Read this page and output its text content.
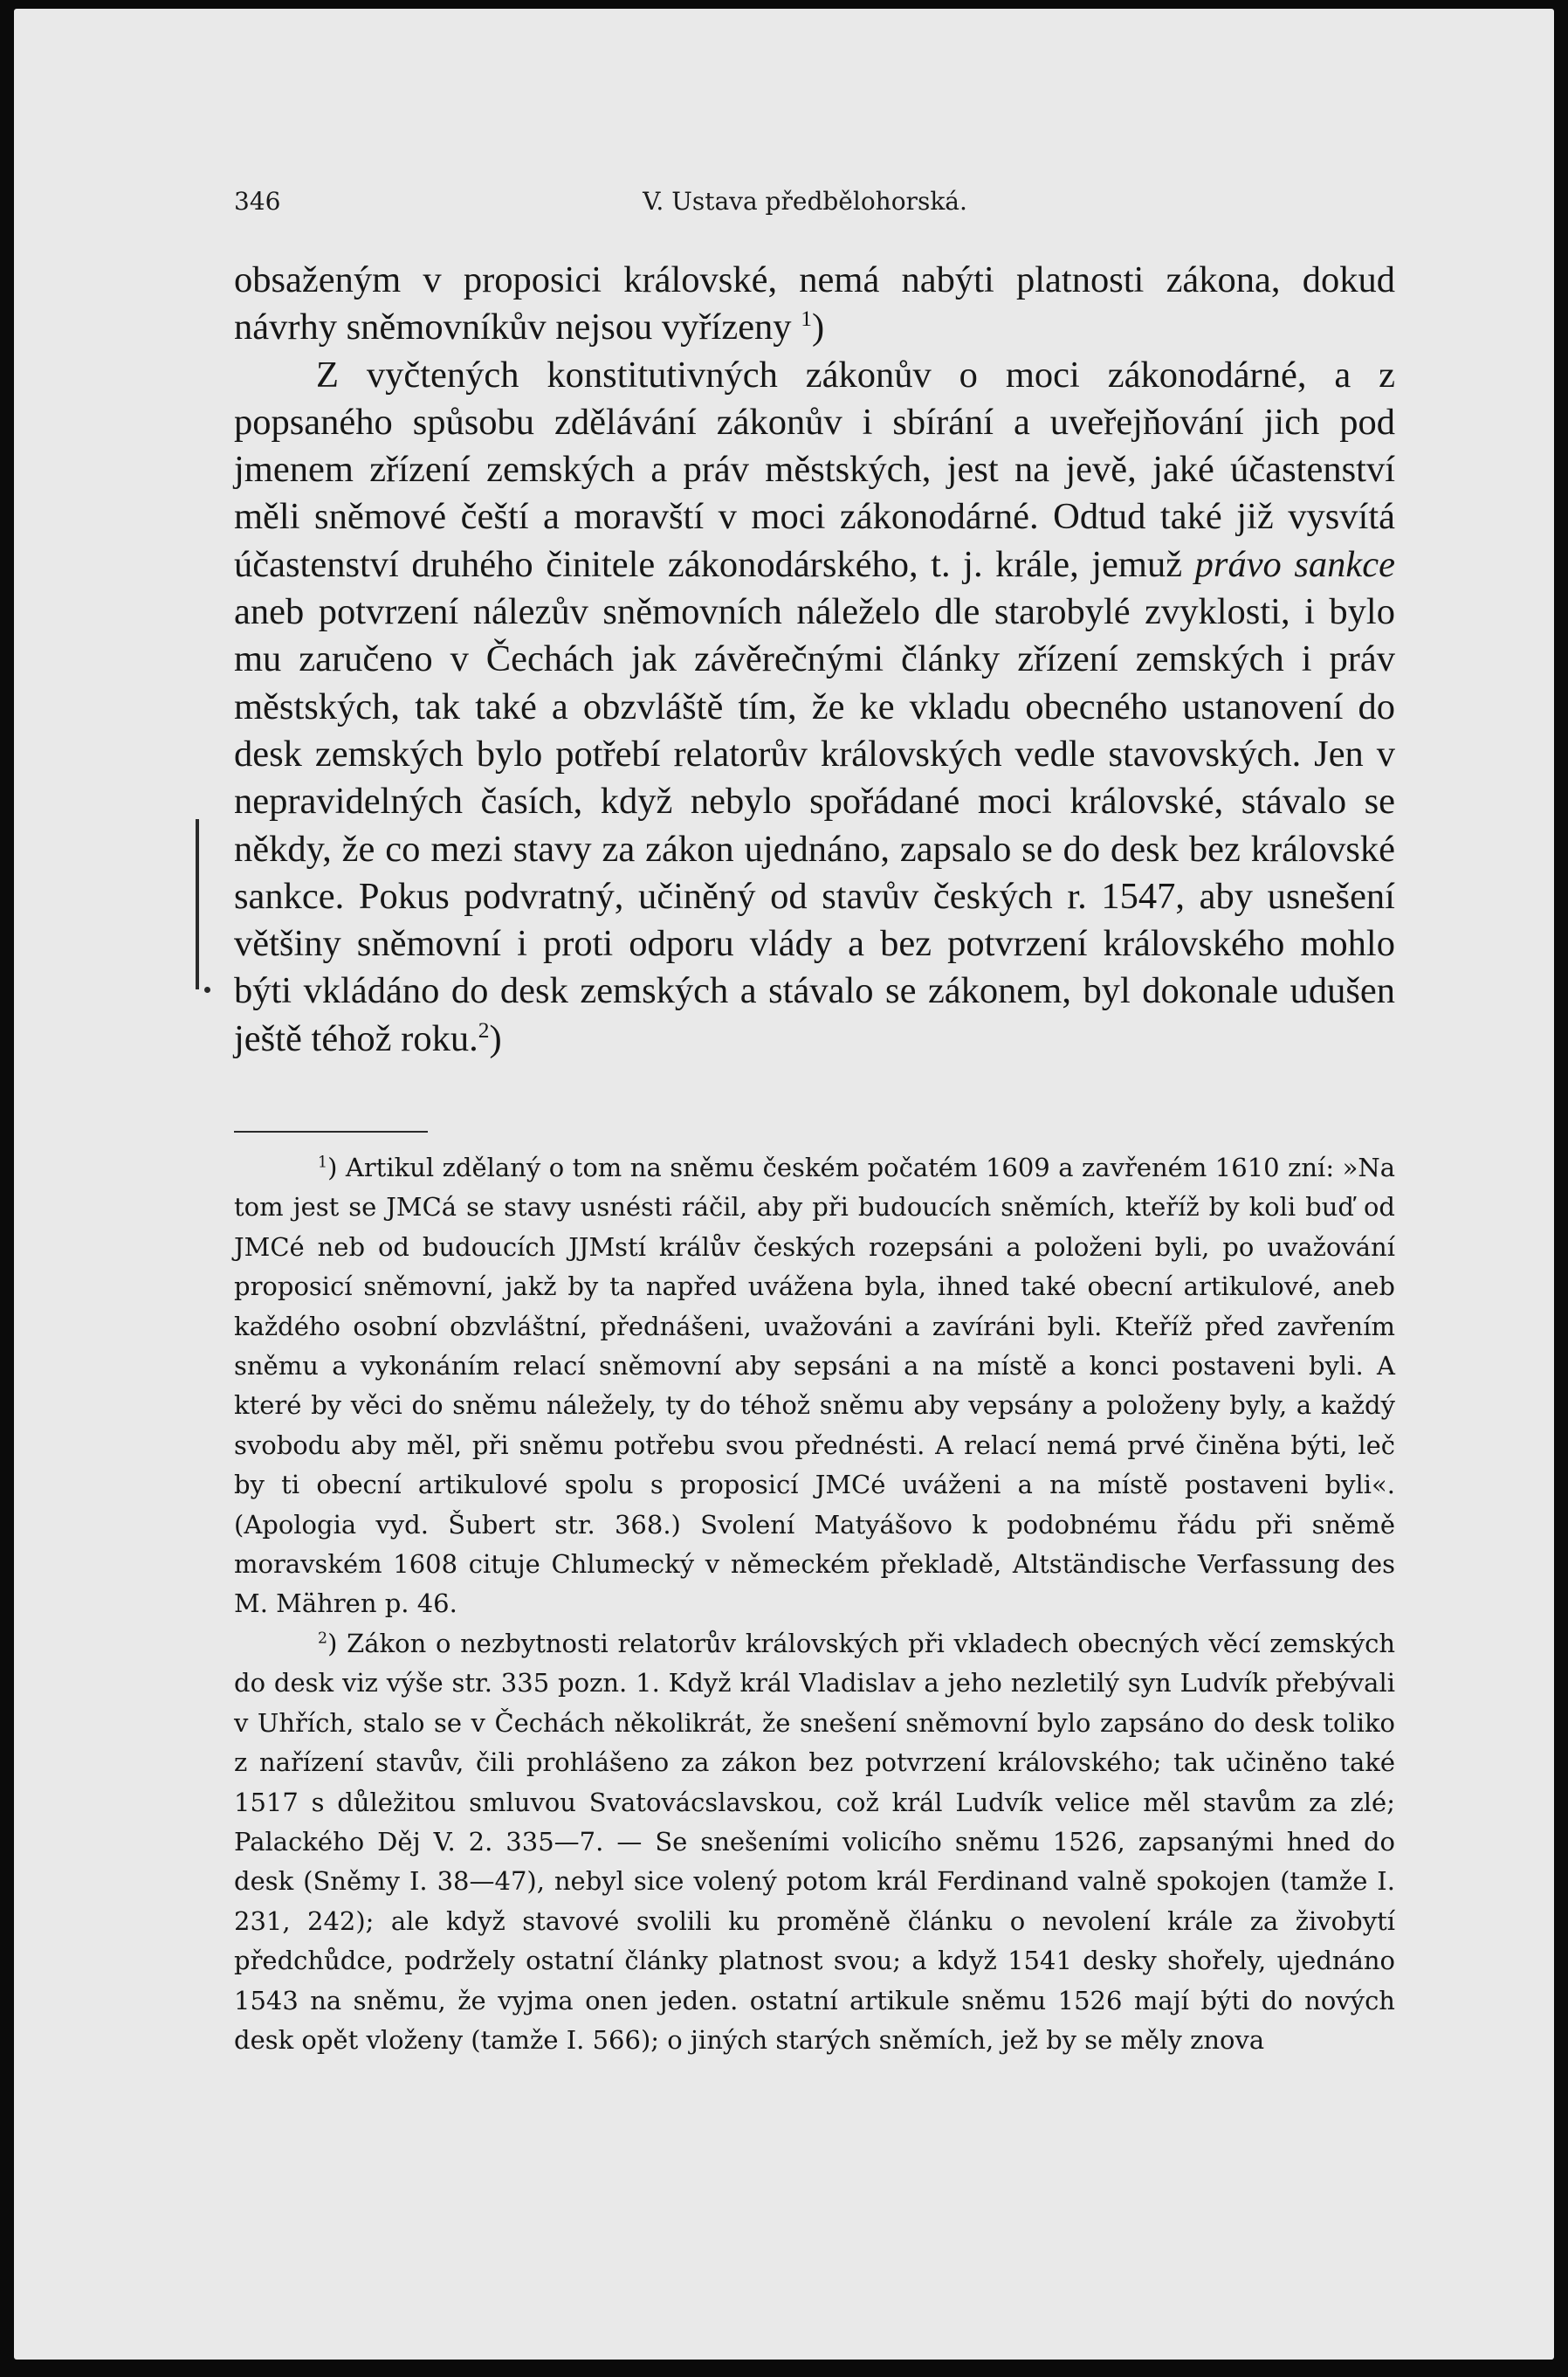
346	V. Ustava předbělohorská.

obsaženým v proposici královské, nemá nabýti platnosti zákona, dokud návrhy sněmovníkův nejsou vyřízeny $^1$)

Z vyčtených konstitutivných zákonův o moci zákonodárné, a z popsaného spůsobu zdělávání zákonův i sbírání a uveřejňování jich pod jmenem zřízení zemských a práv městských, jest na jevě, jaké účastenství měli sněmové čeští a moravští v moci zákonodárné. Odtud také již vysvítá účastenství druhého činitele zákonodárského, t. j. krále, jemuž právo sankce aneb potvrzení nálezův sněmovních náleželo dle starobylé zvyklosti, i bylo mu zaručeno v Čechách jak závěrečnými články zřízení zemských i práv městských, tak také a obzvláště tím, že ke vkladu obecného ustanovení do desk zemských bylo potřebí relatorův královských vedle stavovských. Jen v nepravidelných časích, když nebylo spořádané moci královské, stávalo se někdy, že co mezi stavy za zákon ujednáno, zapsalo se do desk bez královské sankce. Pokus podvratný, učiněný od stavův českých r. 1547, aby usnešení většiny sněmovní i proti odporu vlády a bez potvrzení královského mohlo býti vkládáno do desk zemských a stávalo se zákonem, byl dokonale udušen ještě téhož roku.$^2$)

$^1$) Artikul zdělaný o tom na sněmu českém počatém 1609 a zavřeném 1610 zní: »Na tom jest se JMCá se stavy usnésti ráčil, aby při budoucích sněmích, kteříž by koli buď od JMCé neb od budoucích JJMstí králův českých rozepsáni a položeni byli, po uvažování proposicí sněmovní, jakž by ta napřed uvážena byla, ihned také obecní artikulové, aneb každého osobní obzvláštní, přednášeni, uvažováni a zavíráni byli. Kteříž před zavřením sněmu a vykonáním relací sněmovní aby sepsáni a na místě a konci postaveni byli. A které by věci do sněmu náležely, ty do téhož sněmu aby vepsány a položeny byly, a každý svobodu aby měl, při sněmu potřebu svou přednésti. A relací nemá prvé činěna býti, leč by ti obecní artikulové spolu s proposicí JMCé uváženi a na místě postaveni byli«. (Apologia vyd. Šubert str. 368.) Svolení Matyášovo k podobnému řádu při sněmě moravském 1608 cituje Chlumecký v německém překladě, Altständische Verfassung des M. Mähren p. 46.

$^2$) Zákon o nezbytnosti relatorův královských při vkladech obecných věcí zemských do desk viz výše str. 335 pozn. 1. Když král Vladislav a jeho nezletilý syn Ludvík přebývali v Uhřích, stalo se v Čechách několikrát, že snešení sněmovní bylo zapsáno do desk toliko z nařízení stavův, čili prohlášeno za zákon bez potvrzení královského; tak učiněno také 1517 s důležitou smluvou Svatovácslavskou, což král Ludvík velice měl stavům za zlé; Palackého Děj V. 2. 335—7. — Se snešeními volicího sněmu 1526, zapsanými hned do desk (Sněmy I. 38—47), nebyl sice volený potom král Ferdinand valně spokojen (tamže I. 231, 242); ale když stavové svolili ku proměně článku o nevolení krále za živobytí předchůdce, podržely ostatní články platnost svou; a když 1541 desky shořely, ujednáno 1543 na sněmu, že vyjma onen jeden. ostatní artikule sněmu 1526 mají býti do nových desk opět vloženy (tamže I. 566); o jiných starých sněmích, jež by se měly znova
